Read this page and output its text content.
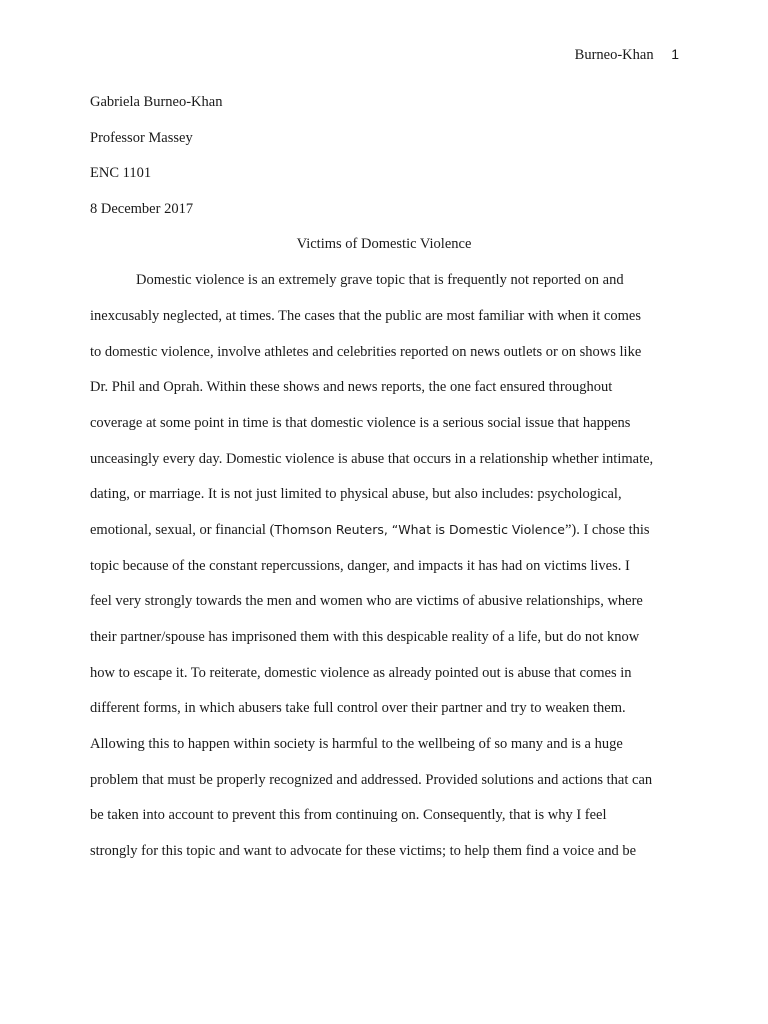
Burneo-Khan 1
Gabriela Burneo-Khan
Professor Massey
ENC 1101
8 December 2017
Victims of Domestic Violence
Domestic violence is an extremely grave topic that is frequently not reported on and
inexcusably neglected, at times. The cases that the public are most familiar with when it comes
to domestic violence, involve athletes and celebrities reported on news outlets or on shows like
Dr. Phil and Oprah. Within these shows and news reports, the one fact ensured throughout
coverage at some point in time is that domestic violence is a serious social issue that happens
unceasingly every day. Domestic violence is abuse that occurs in a relationship whether intimate,
dating, or marriage. It is not just limited to physical abuse, but also includes: psychological,
emotional, sexual, or financial (Thomson Reuters, “What is Domestic Violence”). I chose this
topic because of the constant repercussions, danger, and impacts it has had on victims lives. I
feel very strongly towards the men and women who are victims of abusive relationships, where
their partner/spouse has imprisoned them with this despicable reality of a life, but do not know
how to escape it. To reiterate, domestic violence as already pointed out is abuse that comes in
different forms, in which abusers take full control over their partner and try to weaken them.
Allowing this to happen within society is harmful to the wellbeing of so many and is a huge
problem that must be properly recognized and addressed. Provided solutions and actions that can
be taken into account to prevent this from continuing on. Consequently, that is why I feel
strongly for this topic and want to advocate for these victims; to help them find a voice and be
